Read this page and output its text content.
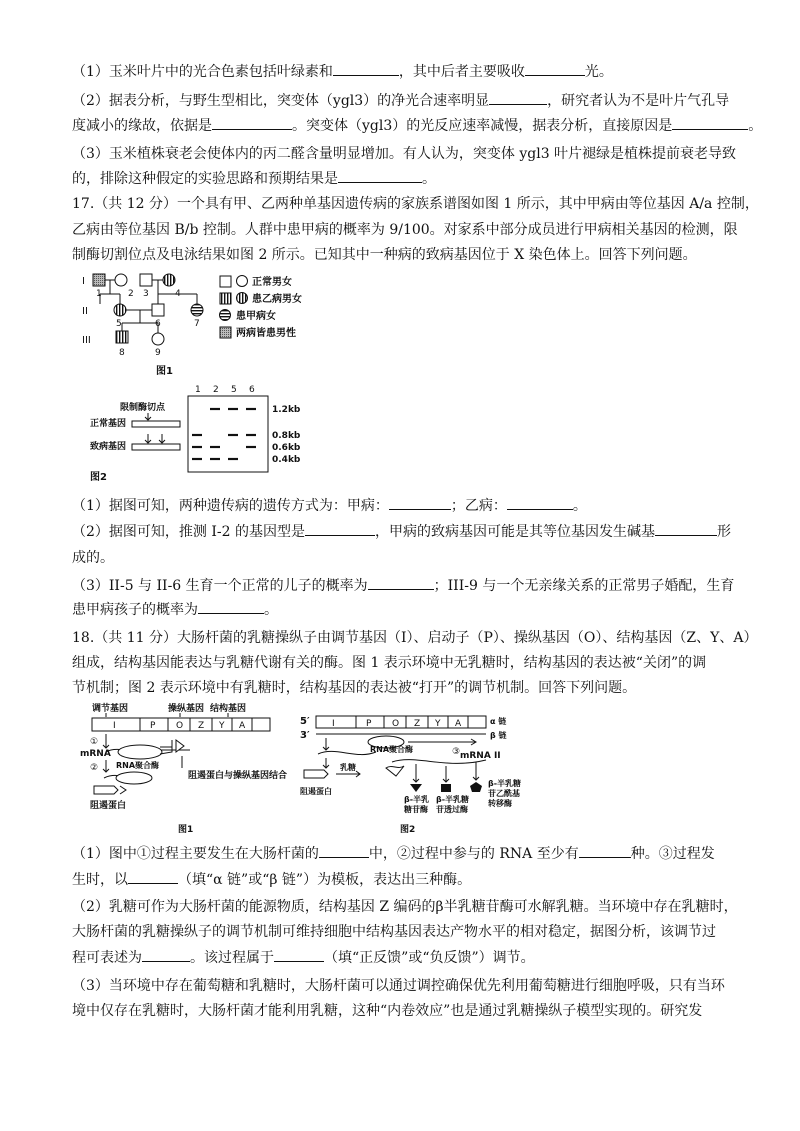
（1）玉米叶片中的光合色素包括叶绿素和	，其中后者主要吸收	光。

（2）据表分析，与野生型相比，突变体（ygl3）的净光合速率明显	，研究者认为不是叶片气孔导

度减小的缘故，依据是	。突变体（ygl3）的光反应速率减慢，据表分析，直接原因是	。

（3）玉米植株衰老会使体内的丙二醛含量明显增加。有人认为，突变体 ygl3 叶片褪绿是植株提前衰老导致

的，排除这种假定的实验思路和预期结果是	。

17.（共 12 分）一个具有甲、乙两种单基因遗传病的家族系谱图如图 1 所示，其中甲病由等位基因 A/a 控制，

乙病由等位基因 B/b 控制。人群中患甲病的概率为 9/100。对家系中部分成员进行甲病相关基因的检测，限

制酶切割位点及电泳结果如图 2 所示。已知其中一种病的致病基因位于 X 染色体上。回答下列问题。

I
II
III
1	2 3	4
5	6	7
8	9
正常男女
患乙病男女
患甲病女
两病皆患男性
图1
1 2 5 6
1.2kb
0.8kb
0.6kb
0.4kb
限制酶切点
正常基因
致病基因
图2

（1）据图可知，两种遗传病的遗传方式为：甲病：	；乙病：	。

（2）据图可知，推测 I-2 的基因型是	，甲病的致病基因可能是其等位基因发生碱基	形

成的。

（3）II-5 与 II-6 生育一个正常的儿子的概率为	；III-9 与一个无亲缘关系的正常男子婚配，生育

患甲病孩子的概率为	。

18.（共 11 分）大肠杆菌的乳糖操纵子由调节基因（I）、启动子（P）、操纵基因（O）、结构基因（Z、Y、A）

组成，结构基因能表达与乳糖代谢有关的酶。图 1 表示环境中无乳糖时，结构基因的表达被“关闭”的调

节机制；图 2 表示环境中有乳糖时，结构基因的表达被“打开”的调节机制。回答下列问题。

调节基因	操纵基因 结构基因
I	P O Z Y A
①
②
mRNA
RNA聚合酶
阻遏蛋白与操纵基因结合
阻遏蛋白
图1
5′
3′
I	P O Z Y A
③
α 链
β 链
RNA聚合酶
mRNA II
乳糖
阻遏蛋白
β-半乳
糖苷酶
β-半乳糖
苷透过酶
β-半乳糖
苷乙酰基
转移酶
图2

（1）图中①过程主要发生在大肠杆菌的	中，②过程中参与的 RNA 至少有	种。③过程发

生时，以	（填“α 链”或“β 链”）为模板，表达出三种酶。

（2）乳糖可作为大肠杆菌的能源物质，结构基因 Z 编码的β半乳糖苷酶可水解乳糖。当环境中存在乳糖时，

大肠杆菌的乳糖操纵子的调节机制可维持细胞中结构基因表达产物水平的相对稳定，据图分析，该调节过

程可表述为	。该过程属于	（填“正反馈”或“负反馈”）调节。

（3）当环境中存在葡萄糖和乳糖时，大肠杆菌可以通过调控确保优先利用葡萄糖进行细胞呼吸，只有当环

境中仅存在乳糖时，大肠杆菌才能利用乳糖，这种“内卷效应”也是通过乳糖操纵子模型实现的。研究发
